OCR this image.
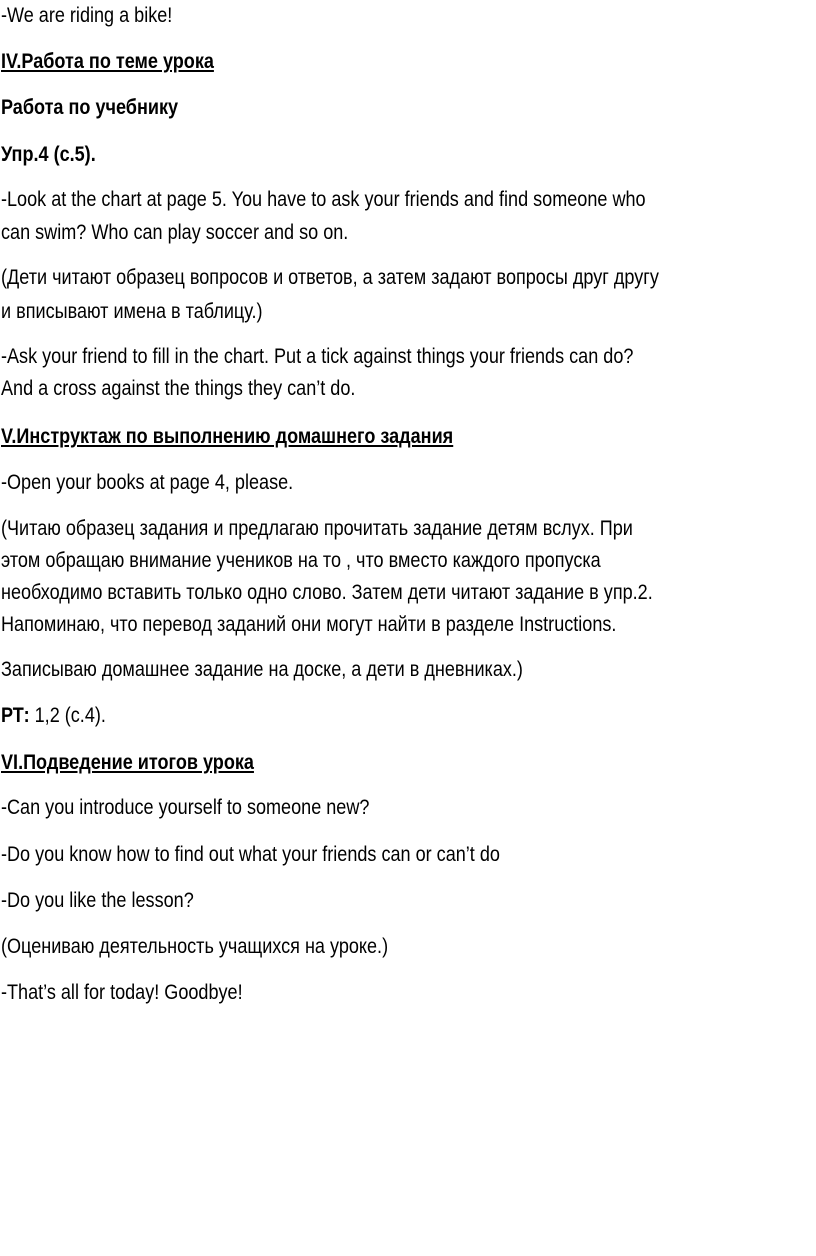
-We are riding a bike!
IV.Работа по теме урока
Работа по учебнику
Упр.4 (с.5).
-Look at the chart at page 5. You have to ask your friends and find someone who
can swim? Who can play soccer and so on.
(Дети читают образец вопросов и ответов, а затем задают вопросы друг другу
и вписывают имена в таблицу.)
-Ask your friend to fill in the chart. Put a tick against things your friends can do?
And a cross against the things they can’t do.
V.Инструктаж по выполнению домашнего задания
-Open your books at page 4, please.
(Читаю образец задания и предлагаю прочитать задание детям вслух. При
этом обращаю внимание учеников на то , что вместо каждого пропуска
необходимо вставить только одно слово. Затем дети читают задание в упр.2.
Напоминаю, что перевод заданий они могут найти в разделе Instructions.
Записываю домашнее задание на доске, а дети в дневниках.)
РТ: 1,2 (с.4).
VI.Подведение итогов урока
-Can you introduce yourself to someone new?
-Do you know how to find out what your friends can or can’t do
-Do you like the lesson?
(Оцениваю деятельность учащихся на уроке.)
-That’s all for today! Goodbye!
